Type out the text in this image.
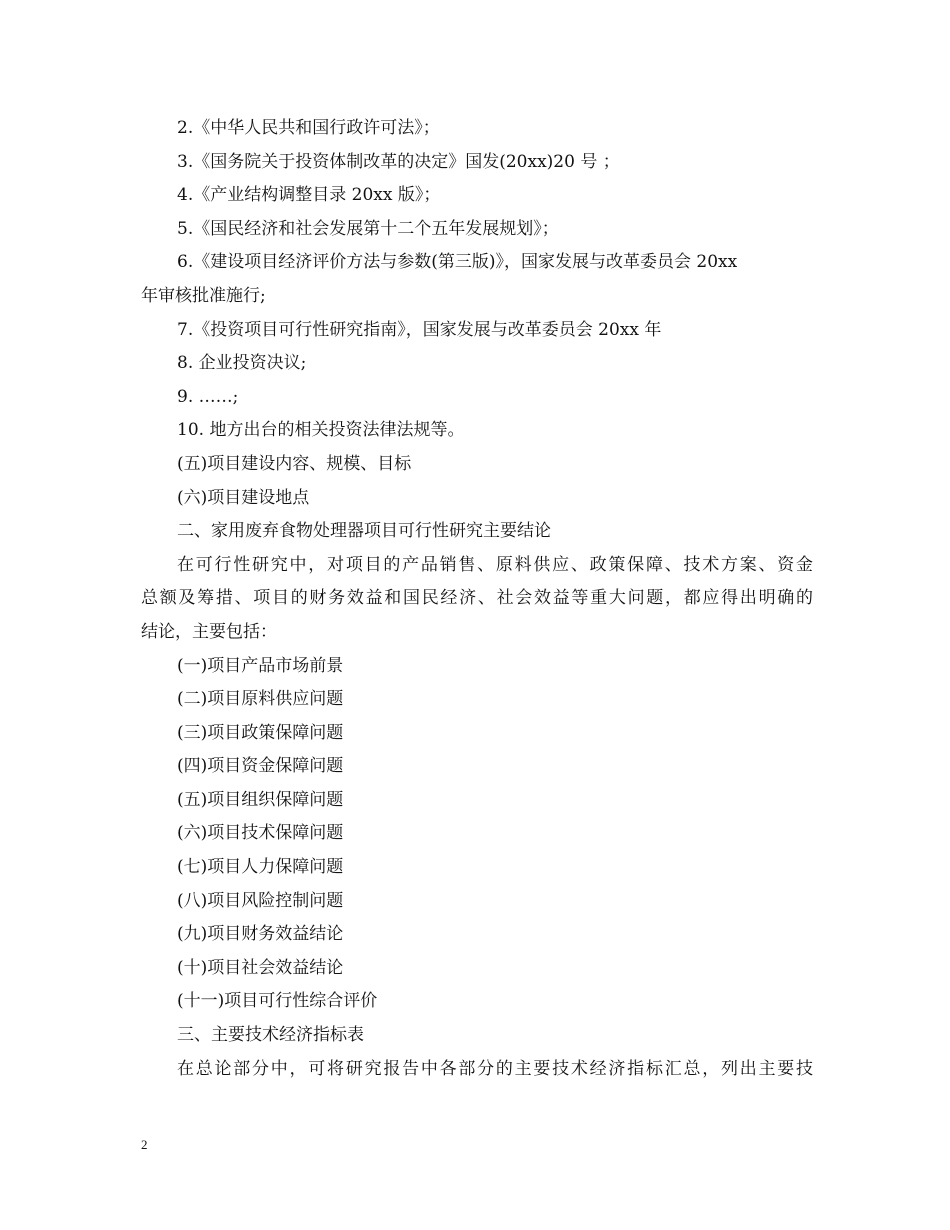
2.《中华人民共和国行政许可法》；
3.《国务院关于投资体制改革的决定》国发(20xx)20 号 ；
4.《产业结构调整目录 20xx 版》；
5.《国民经济和社会发展第十二个五年发展规划》；
6.《建设项目经济评价方法与参数(第三版)》，国家发展与改革委员会 20xx
年审核批准施行;
7.《投资项目可行性研究指南》，国家发展与改革委员会 20xx 年
8. 企业投资决议;
9. ……;
10. 地方出台的相关投资法律法规等。
(五)项目建设内容、规模、目标
(六)项目建设地点
二、家用废弃食物处理器项目可行性研究主要结论
在可行性研究中，对项目的产品销售、原料供应、政策保障、技术方案、资金
总额及筹措、项目的财务效益和国民经济、社会效益等重大问题，都应得出明确的
结论，主要包括：
(一)项目产品市场前景
(二)项目原料供应问题
(三)项目政策保障问题
(四)项目资金保障问题
(五)项目组织保障问题
(六)项目技术保障问题
(七)项目人力保障问题
(八)项目风险控制问题
(九)项目财务效益结论
(十)项目社会效益结论
(十一)项目可行性综合评价
三、主要技术经济指标表
在总论部分中，可将研究报告中各部分的主要技术经济指标汇总，列出主要技
2
